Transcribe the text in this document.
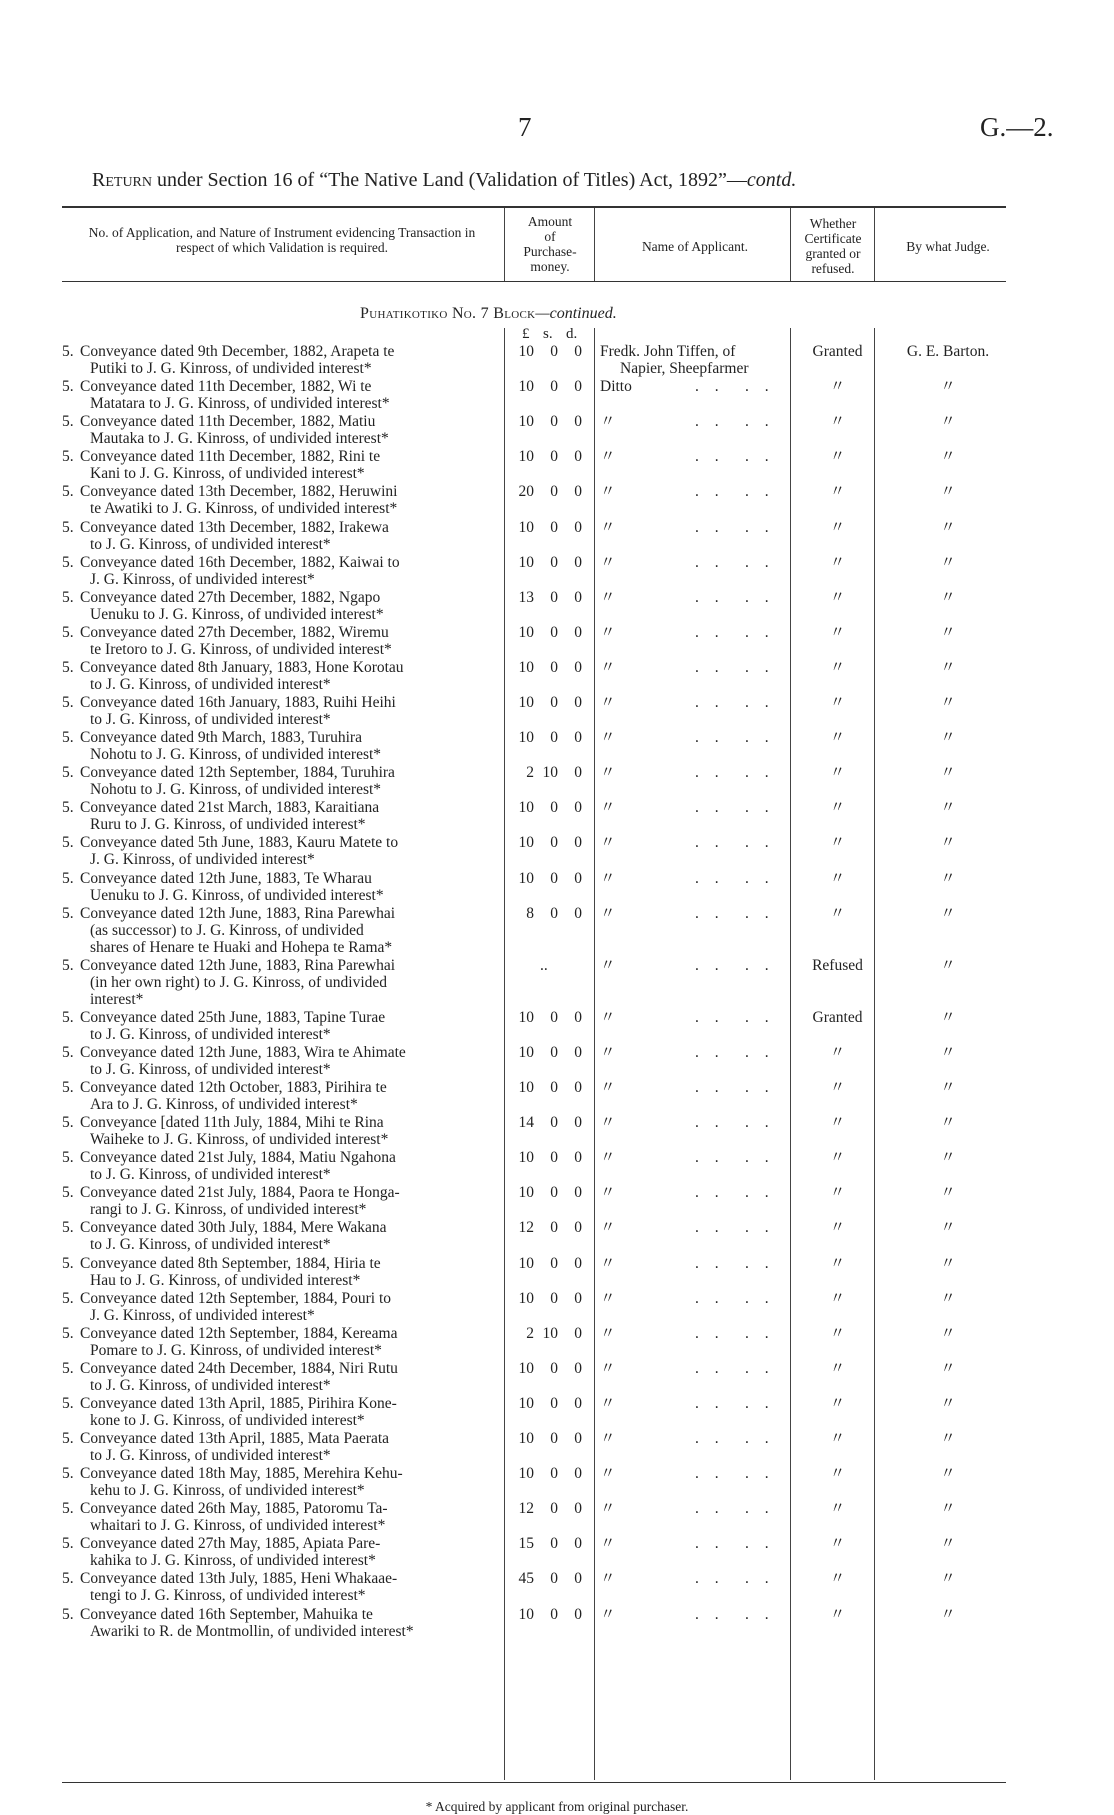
7	G.—2.
Return under Section 16 of “The Native Land (Validation of Titles) Act, 1892”—contd.
No. of Application, and Nature of Instrument evidencing Transaction in respect of which Validation is required.
Amount of Purchase-money.
Name of Applicant.
Whether Certificate granted or refused.
By what Judge.
Puhatikotiko No. 7 Block—continued.
£ s. d.
5. Conveyance dated 9th December, 1882, Arapeta te
Putiki to J. G. Kinross, of undivided interest*
10	0	0 Fredk. John Tiffen, of
Napier, Sheepfarmer
Granted	G. E. Barton.
5. Conveyance dated 11th December, 1882, Wi te
Matatara to J. G. Kinross, of undivided interest*
10	0	0 Ditto	. . . .	〃	〃
5. Conveyance dated 11th December, 1882, Matiu
Mautaka to J. G. Kinross, of undivided interest*
10	0	0 〃	. . . .	〃	〃
5. Conveyance dated 11th December, 1882, Rini te
Kani to J. G. Kinross, of undivided interest*
10	0	0 〃	. . . .	〃	〃
5. Conveyance dated 13th December, 1882, Heruwini
te Awatiki to J. G. Kinross, of undivided interest*
20	0	0 〃	. . . .	〃	〃
5. Conveyance dated 13th December, 1882, Irakewa
to J. G. Kinross, of undivided interest*
10	0	0 〃	. . . .	〃	〃
5. Conveyance dated 16th December, 1882, Kaiwai to
J. G. Kinross, of undivided interest*
10	0	0 〃	. . . .	〃	〃
5. Conveyance dated 27th December, 1882, Ngapo
Uenuku to J. G. Kinross, of undivided interest*
13	0	0 〃	. . . .	〃	〃
5. Conveyance dated 27th December, 1882, Wiremu
te Iretoro to J. G. Kinross, of undivided interest*
10	0	0 〃	. . . .	〃	〃
5. Conveyance dated 8th January, 1883, Hone Korotau
to J. G. Kinross, of undivided interest*
10	0	0 〃	. . . .	〃	〃
5. Conveyance dated 16th January, 1883, Ruihi Heihi
to J. G. Kinross, of undivided interest*
10	0	0 〃	. . . .	〃	〃
5. Conveyance dated 9th March, 1883, Turuhira
Nohotu to J. G. Kinross, of undivided interest*
10	0	0 〃	. . . .	〃	〃
5. Conveyance dated 12th September, 1884, Turuhira
Nohotu to J. G. Kinross, of undivided interest*
2 10	0 〃	. . . .	〃	〃
5. Conveyance dated 21st March, 1883, Karaitiana
Ruru to J. G. Kinross, of undivided interest*
10	0	0 〃	. . . .	〃	〃
5. Conveyance dated 5th June, 1883, Kauru Matete to
J. G. Kinross, of undivided interest*
10	0	0 〃	. . . .	〃	〃
5. Conveyance dated 12th June, 1883, Te Wharau
Uenuku to J. G. Kinross, of undivided interest*
10	0	0 〃	. . . .	〃	〃
5. Conveyance dated 12th June, 1883, Rina Parewhai
(as successor) to J. G. Kinross, of undivided
shares of Henare te Huaki and Hohepa te Rama*
8	0	0 〃	. . . .	〃	〃
5. Conveyance dated 12th June, 1883, Rina Parewhai
(in her own right) to J. G. Kinross, of undivided
interest*
..	〃	. . . .	Refused	〃
5. Conveyance dated 25th June, 1883, Tapine Turae
to J. G. Kinross, of undivided interest*
10	0	0 〃	. . . .	Granted	〃
5. Conveyance dated 12th June, 1883, Wira te Ahimate
to J. G. Kinross, of undivided interest*
10	0	0 〃	. . . .	〃	〃
5. Conveyance dated 12th October, 1883, Pirihira te
Ara to J. G. Kinross, of undivided interest*
10	0	0 〃	. . . .	〃	〃
5. Conveyance [dated 11th July, 1884, Mihi te Rina
Waiheke to J. G. Kinross, of undivided interest*
14	0	0 〃	. . . .	〃	〃
5. Conveyance dated 21st July, 1884, Matiu Ngahona
to J. G. Kinross, of undivided interest*
10	0	0 〃	. . . .	〃	〃
5. Conveyance dated 21st July, 1884, Paora te Honga-
rangi to J. G. Kinross, of undivided interest*
10	0	0 〃	. . . .	〃	〃
5. Conveyance dated 30th July, 1884, Mere Wakana
to J. G. Kinross, of undivided interest*
12	0	0 〃	. . . .	〃	〃
5. Conveyance dated 8th September, 1884, Hiria te
Hau to J. G. Kinross, of undivided interest*
10	0	0 〃	. . . .	〃	〃
5. Conveyance dated 12th September, 1884, Pouri to
J. G. Kinross, of undivided interest*
10	0	0 〃	. . . .	〃	〃
5. Conveyance dated 12th September, 1884, Kereama
Pomare to J. G. Kinross, of undivided interest*
2 10	0 〃	. . . .	〃	〃
5. Conveyance dated 24th December, 1884, Niri Rutu
to J. G. Kinross, of undivided interest*
10	0	0 〃	. . . .	〃	〃
5. Conveyance dated 13th April, 1885, Pirihira Kone-
kone to J. G. Kinross, of undivided interest*
10	0	0 〃	. . . .	〃	〃
5. Conveyance dated 13th April, 1885, Mata Paerata
to J. G. Kinross, of undivided interest*
10	0	0 〃	. . . .	〃	〃
5. Conveyance dated 18th May, 1885, Merehira Kehu-
kehu to J. G. Kinross, of undivided interest*
10	0	0 〃	. . . .	〃	〃
5. Conveyance dated 26th May, 1885, Patoromu Ta-
whaitari to J. G. Kinross, of undivided interest*
12	0	0 〃	. . . .	〃	〃
5. Conveyance dated 27th May, 1885, Apiata Pare-
kahika to J. G. Kinross, of undivided interest*
15	0	0 〃	. . . .	〃	〃
5. Conveyance dated 13th July, 1885, Heni Whakaae-
tengi to J. G. Kinross, of undivided interest*
45	0	0 〃	. . . .	〃	〃
5. Conveyance dated 16th September, Mahuika te
Awariki to R. de Montmollin, of undivided interest*
10	0	0 〃	. . . .	〃	〃
* Acquired by applicant from original purchaser.
